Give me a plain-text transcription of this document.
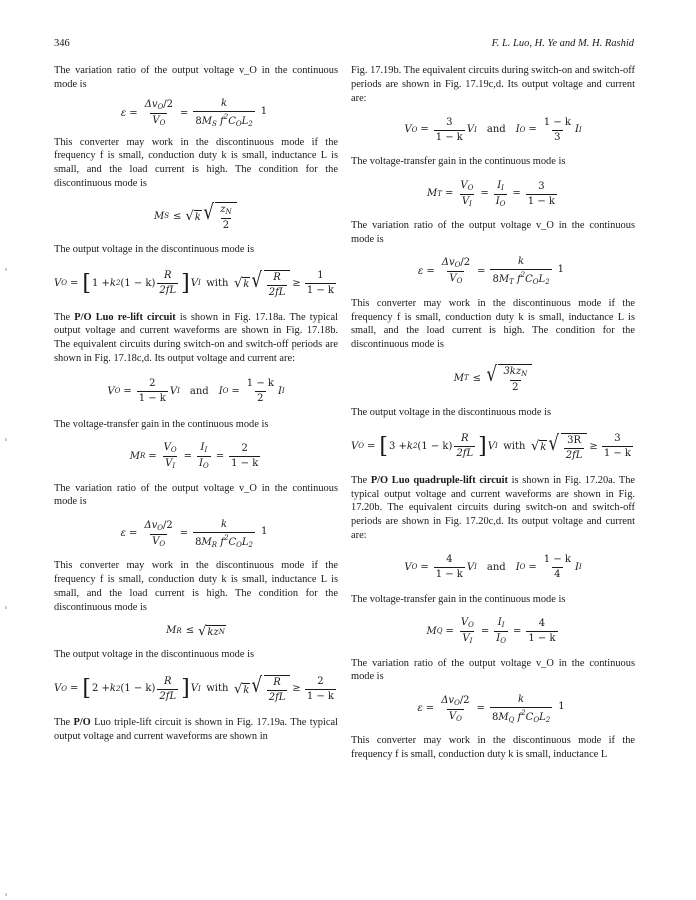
346	F. L. Luo, H. Ye and M. H. Rashid

The variation ratio of the output voltage v_O in the continuous mode is

$\varepsilon = \frac{\Delta v_O/2}{V_O} = \frac{k}{8M_S f^2C_OL_2} 1$

This converter may work in the discontinuous mode if the frequency f is small, conduction duty k is small, inductance L is small, and the load current is high. The condition for the discontinuous mode is

M S ≤ √ k √ $\frac{z_N}{2}$

The output voltage in the discontinuous mode is

V O = [ 1 + k 2 $(1 - k) \frac{R}{2fL}$ ] V I with √ k √ $\frac{R}{2fL} \ge \frac{1}{1 - k}$

The P/O Luo re-lift circuit is shown in Fig. 17.18a. The typical output voltage and current waveforms are shown in Fig. 17.18b. The equivalent circuits during switch-on and switch-off periods are shown in Fig. 17.18c,d. Its output voltage and current are:

V $O = \frac{2}{1 - k}$ V I and I $O = \frac{1 - k}{2}$ I I

The voltage-transfer gain in the continuous mode is

M $R = \frac{V_O}{V_I} = \frac{I_I}{I_O} = \frac{2}{1 - k}$

The variation ratio of the output voltage v_O in the continuous mode is

$\varepsilon = \frac{\Delta v_O/2}{V_O} = \frac{k}{8M_R f^2C_OL_2} 1$

This converter may work in the discontinuous mode if the frequency f is small, conduction duty k is small, inductance L is small, and the load current is high. The condition for the discontinuous mode is

M R ≤ √ kz N

The output voltage in the discontinuous mode is

V O = [ 2 + k 2 $(1 - k) \frac{R}{2fL}$ ] V I with √ k √ $\frac{R}{2fL} \ge \frac{2}{1 - k}$

The P/O Luo triple-lift circuit is shown in Fig. 17.19a. The typical output voltage and current waveforms are shown in

Fig. 17.19b. The equivalent circuits during switch-on and switch-off periods are shown in Fig. 17.19c,d. Its output voltage and current are:

V $O = \frac{3}{1 - k}$ V I and I $O = \frac{1 - k}{3}$ I I

The voltage-transfer gain in the continuous mode is

M $T = \frac{V_O}{V_I} = \frac{I_I}{I_O} = \frac{3}{1 - k}$

The variation ratio of the output voltage v_O in the continuous mode is

$\varepsilon = \frac{\Delta v_O/2}{V_O} = \frac{k}{8M_T f^2C_OL_2} 1$

This converter may work in the discontinuous mode if the frequency f is small, conduction duty k is small, inductance L is small, and the load current is high. The condition for the discontinuous mode is

M T ≤ √ $\frac{3kz_N}{2}$

The output voltage in the discontinuous mode is

V O = [ 3 + k 2 $(1 - k) \frac{R}{2fL}$ ] V I with √ k √ $\frac{3R}{2fL} \ge \frac{3}{1 - k}$

The P/O Luo quadruple-lift circuit is shown in Fig. 17.20a. The typical output voltage and current waveforms are shown in Fig. 17.20b. The equivalent circuits during switch-on and switch-off periods are shown in Fig. 17.20c,d. Its output voltage and current are:

V $O = \frac{4}{1 - k}$ V I and I $O = \frac{1 - k}{4}$ I I

The voltage-transfer gain in the continuous mode is

M $Q = \frac{V_O}{V_I} = \frac{I_I}{I_O} = \frac{4}{1 - k}$

The variation ratio of the output voltage v_O in the continuous mode is

$\varepsilon = \frac{\Delta v_O/2}{V_O} = \frac{k}{8M_Q f^2C_OL_2} 1$

This converter may work in the discontinuous mode if the frequency f is small, conduction duty k is small, inductance L
